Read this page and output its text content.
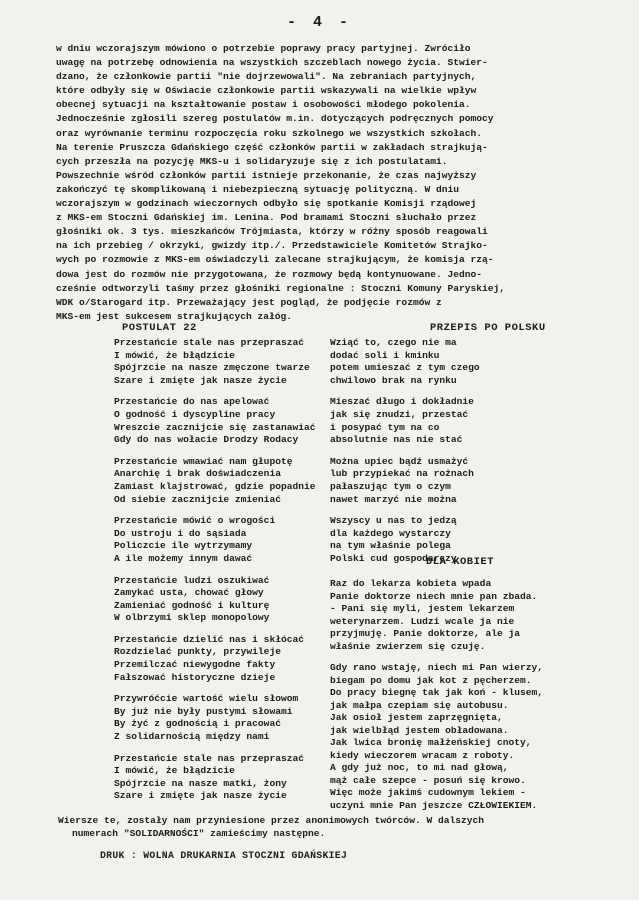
- 4 -

w dniu wczorajszym mówiono o potrzebie poprawy pracy partyjnej. Zwróciło

uwagę na potrzebę odnowienia na wszystkich szczeblach nowego życia. Stwier-

dzano, że członkowie partii "nie dojrzewowali". Na zebraniach partyjnych,

które odbyły się w Oświacie członkowie partii wskazywali na wielkie wpływ

obecnej sytuacji na kształtowanie postaw i osobowości młodego pokolenia.

Jednocześnie zgłosili szereg postulatów m.in. dotyczących podręcznych pomocy

oraz wyrównanie terminu rozpoczęcia roku szkolnego we wszystkich szkołach.

Na terenie Pruszcza Gdańskiego część członków partii w zakładach strajkują-

cych przeszła na pozycję MKS-u i solidaryzuje się z ich postulatami.

Powszechnie wśród członków partii istnieje przekonanie, że czas najwyższy

zakończyć tę skomplikowaną i niebezpieczną sytuację polityczną. W dniu

wczorajszym w godzinach wieczornych odbyło się spotkanie Komisji rządowej

z MKS-em Stoczni Gdańskiej im. Lenina. Pod bramami Stoczni słuchało przez

głośniki ok. 3 tys. mieszkańców Trójmiasta, którzy w różny sposób reagowali

na ich przebieg / okrzyki, gwizdy itp./. Przedstawiciele Komitetów Strajko-

wych po rozmowie z MKS-em oświadczyli zalecane strajkującym, że komisja rzą-

dowa jest do rozmów nie przygotowana, że rozmowy będą kontynuowane. Jedno-

cześnie odtworzyli taśmy przez głośniki regionalne : Stoczni Komuny Paryskiej,

WDK o/Starogard itp. Przeważający jest pogląd, że podjęcie rozmów z

MKS-em jest sukcesem strajkujących załóg.

POSTULAT 22

Przestańcie stale nas przepraszać

I mówić, że błądzicie

Spójrzcie na nasze zmęczone twarze

Szare i zmięte jak nasze życie

Przestańcie do nas apelować

O godność i dyscypline pracy

Wreszcie zacznijcie się zastanawiać

Gdy do nas wołacie Drodzy Rodacy

Przestańcie wmawiać nam głupotę

Anarchię i brak doświadczenia

Zamiast klajstrować, gdzie popadnie

Od siebie zacznijcie zmieniać

Przestańcie mówić o wrogości

Do ustroju i do sąsiada

Policzcie ile wytrzymamy

A ile możemy innym dawać

Przestańcie ludzi oszukiwać

Zamykać usta, chować głowy

Zamieniać godność i kulturę

W olbrzymi sklep monopolowy

Przestańcie dzielić nas i skłócać

Rozdzielać punkty, przywileje

Przemilczać niewygodne fakty

Fałszować historyczne dzieje

Przywróćcie wartość wielu słowom

By już nie były pustymi słowami

By żyć z godnością i pracować

Z solidarnością między nami

Przestańcie stale nas przepraszać

I mówić, że błądzicie

Spójrzcie na nasze matki, żony

Szare i zmięte jak nasze życie

PRZEPIS PO POLSKU

Wziąć to, czego nie ma

dodać soli i kminku

potem umieszać z tym czego

chwilowo brak na rynku

Mieszać długo i dokładnie

jak się znudzi, przestać

i posypać tym na co

absolutnie nas nie stać

Można upiec bądź usmażyć

lub przypiekać na rożnach

pałaszując tym o czym

nawet marzyć nie można

Wszyscy u nas to jedzą

dla każdego wystarczy

na tym właśnie polega

Polski cud gospodarczy

DLA KOBIET

Raz do lekarza kobieta wpada

Panie doktorze niech mnie pan zbada.

- Pani się myli, jestem lekarzem

weterynarzem. Ludzi wcale ja nie

przyjmuję. Panie doktorze, ale ja

właśnie zwierzem się czuję.

Gdy rano wstaję, niech mi Pan wierzy,

biegam po domu jak kot z pęcherzem.

Do pracy biegnę tak jak koń - klusem,

jak małpa czepiam się autobusu.

Jak osioł jestem zaprzęgnięta,

jak wielbłąd jestem obładowana.

Jak lwica bronię małżeńskiej cnoty,

kiedy wieczorem wracam z roboty.

A gdy już noc, to mi nad głową,

mąż całe szepce - posuń się krowo.

Więc może jakimś cudownym lekiem -

uczyni mnie Pan jeszcze CZŁOWIEKIEM.

Wiersze te, zostały nam przyniesione przez anonimowych twórców. W dalszych

numerach "SOLIDARNOŚCI" zamieścimy następne.

DRUK : WOLNA DRUKARNIA STOCZNI GDAŃSKIEJ
